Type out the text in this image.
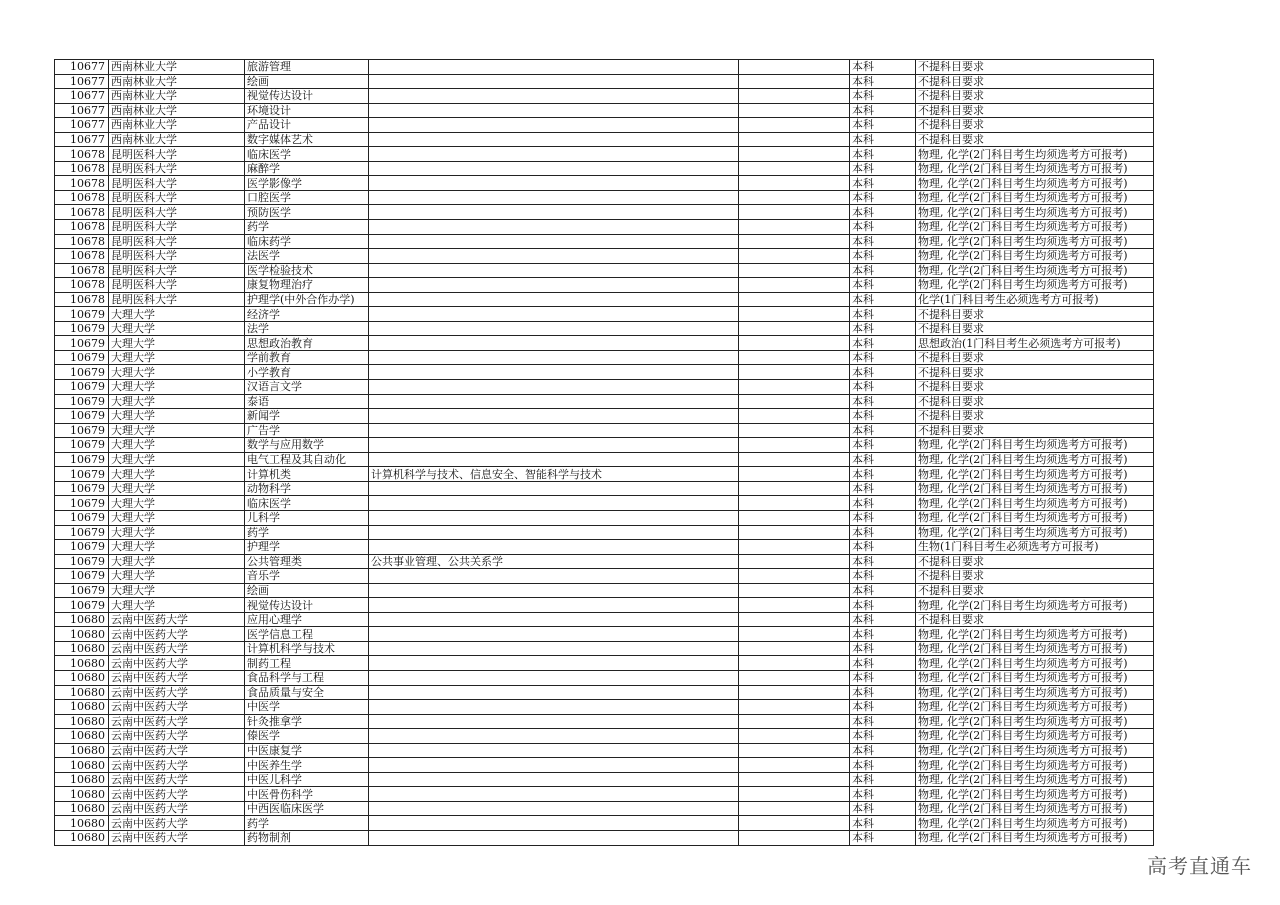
10677	西南林业大学	旅游管理			本科	不提科目要求
10677	西南林业大学	绘画			本科	不提科目要求
10677	西南林业大学	视觉传达设计			本科	不提科目要求
10677	西南林业大学	环境设计			本科	不提科目要求
10677	西南林业大学	产品设计			本科	不提科目要求
10677	西南林业大学	数字媒体艺术			本科	不提科目要求
10678	昆明医科大学	临床医学			本科	物理, 化学(2门科目考生均须选考方可报考)
10678	昆明医科大学	麻醉学			本科	物理, 化学(2门科目考生均须选考方可报考)
10678	昆明医科大学	医学影像学			本科	物理, 化学(2门科目考生均须选考方可报考)
10678	昆明医科大学	口腔医学			本科	物理, 化学(2门科目考生均须选考方可报考)
10678	昆明医科大学	预防医学			本科	物理, 化学(2门科目考生均须选考方可报考)
10678	昆明医科大学	药学			本科	物理, 化学(2门科目考生均须选考方可报考)
10678	昆明医科大学	临床药学			本科	物理, 化学(2门科目考生均须选考方可报考)
10678	昆明医科大学	法医学			本科	物理, 化学(2门科目考生均须选考方可报考)
10678	昆明医科大学	医学检验技术			本科	物理, 化学(2门科目考生均须选考方可报考)
10678	昆明医科大学	康复物理治疗			本科	物理, 化学(2门科目考生均须选考方可报考)
10678	昆明医科大学	护理学(中外合作办学)			本科	化学(1门科目考生必须选考方可报考)
10679	大理大学	经济学			本科	不提科目要求
10679	大理大学	法学			本科	不提科目要求
10679	大理大学	思想政治教育			本科	思想政治(1门科目考生必须选考方可报考)
10679	大理大学	学前教育			本科	不提科目要求
10679	大理大学	小学教育			本科	不提科目要求
10679	大理大学	汉语言文学			本科	不提科目要求
10679	大理大学	泰语			本科	不提科目要求
10679	大理大学	新闻学			本科	不提科目要求
10679	大理大学	广告学			本科	不提科目要求
10679	大理大学	数学与应用数学			本科	物理, 化学(2门科目考生均须选考方可报考)
10679	大理大学	电气工程及其自动化			本科	物理, 化学(2门科目考生均须选考方可报考)
10679	大理大学	计算机类	计算机科学与技术、信息安全、智能科学与技术		本科	物理, 化学(2门科目考生均须选考方可报考)
10679	大理大学	动物科学			本科	物理, 化学(2门科目考生均须选考方可报考)
10679	大理大学	临床医学			本科	物理, 化学(2门科目考生均须选考方可报考)
10679	大理大学	儿科学			本科	物理, 化学(2门科目考生均须选考方可报考)
10679	大理大学	药学			本科	物理, 化学(2门科目考生均须选考方可报考)
10679	大理大学	护理学			本科	生物(1门科目考生必须选考方可报考)
10679	大理大学	公共管理类	公共事业管理、公共关系学		本科	不提科目要求
10679	大理大学	音乐学			本科	不提科目要求
10679	大理大学	绘画			本科	不提科目要求
10679	大理大学	视觉传达设计			本科	物理, 化学(2门科目考生均须选考方可报考)
10680	云南中医药大学	应用心理学			本科	不提科目要求
10680	云南中医药大学	医学信息工程			本科	物理, 化学(2门科目考生均须选考方可报考)
10680	云南中医药大学	计算机科学与技术			本科	物理, 化学(2门科目考生均须选考方可报考)
10680	云南中医药大学	制药工程			本科	物理, 化学(2门科目考生均须选考方可报考)
10680	云南中医药大学	食品科学与工程			本科	物理, 化学(2门科目考生均须选考方可报考)
10680	云南中医药大学	食品质量与安全			本科	物理, 化学(2门科目考生均须选考方可报考)
10680	云南中医药大学	中医学			本科	物理, 化学(2门科目考生均须选考方可报考)
10680	云南中医药大学	针灸推拿学			本科	物理, 化学(2门科目考生均须选考方可报考)
10680	云南中医药大学	傣医学			本科	物理, 化学(2门科目考生均须选考方可报考)
10680	云南中医药大学	中医康复学			本科	物理, 化学(2门科目考生均须选考方可报考)
10680	云南中医药大学	中医养生学			本科	物理, 化学(2门科目考生均须选考方可报考)
10680	云南中医药大学	中医儿科学			本科	物理, 化学(2门科目考生均须选考方可报考)
10680	云南中医药大学	中医骨伤科学			本科	物理, 化学(2门科目考生均须选考方可报考)
10680	云南中医药大学	中西医临床医学			本科	物理, 化学(2门科目考生均须选考方可报考)
10680	云南中医药大学	药学			本科	物理, 化学(2门科目考生均须选考方可报考)
10680	云南中医药大学	药物制剂			本科	物理, 化学(2门科目考生均须选考方可报考)
高考直通车
